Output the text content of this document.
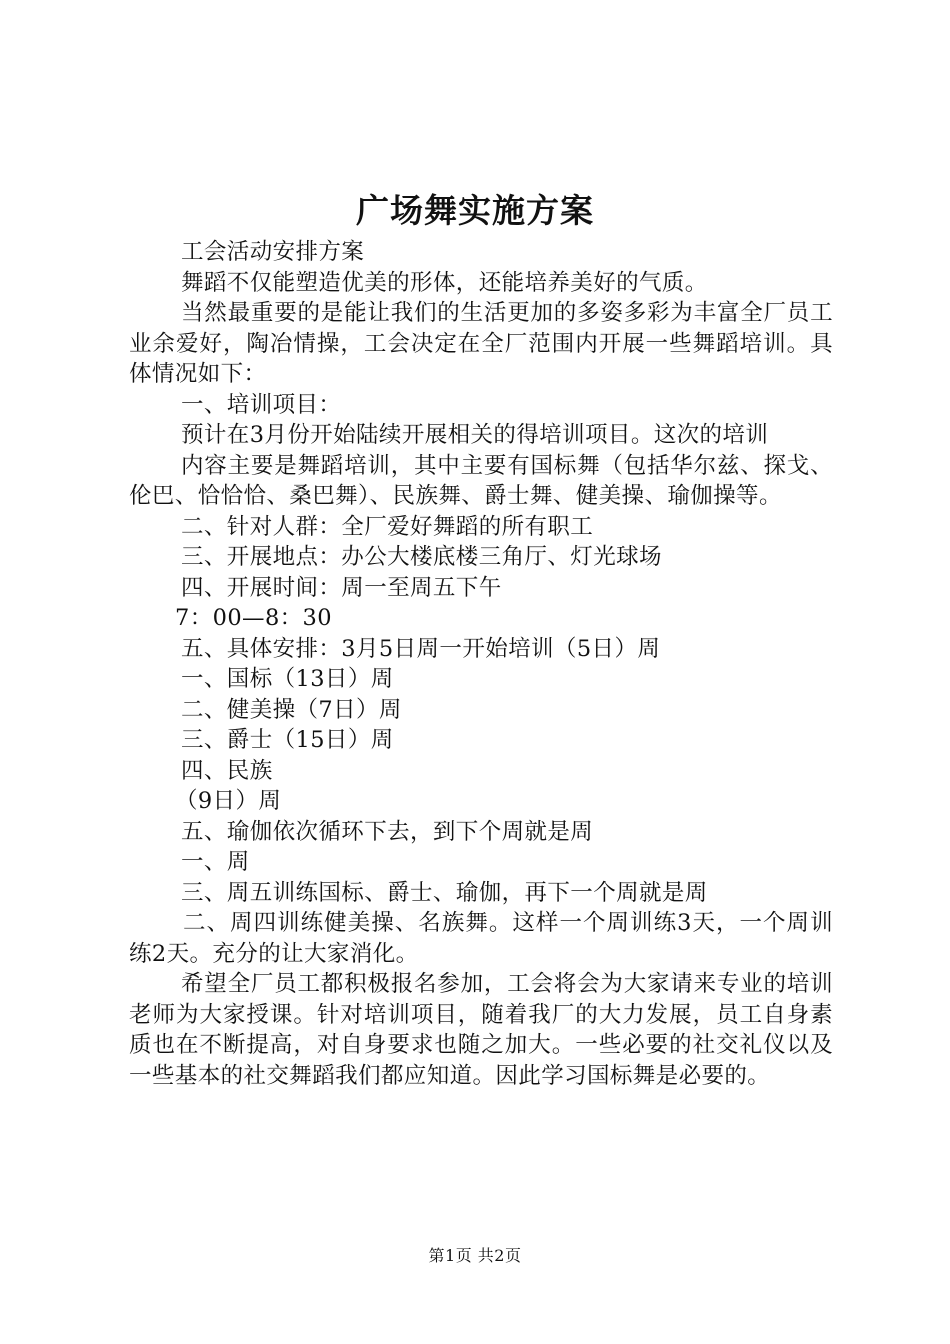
广场舞实施方案

工会活动安排方案

舞蹈不仅能塑造优美的形体，还能培养美好的气质。

当然最重要的是能让我们的生活更加的多姿多彩为丰富全厂员工业余爱好，陶冶情操，工会决定在全厂范围内开展一些舞蹈培训。具体情况如下：

一、培训项目：

预计在3月份开始陆续开展相关的得培训项目。这次的培训

内容主要是舞蹈培训，其中主要有国标舞（包括华尔兹、探戈、伦巴、恰恰恰、桑巴舞）、民族舞、爵士舞、健美操、瑜伽操等。

二、针对人群：全厂爱好舞蹈的所有职工

三、开展地点：办公大楼底楼三角厅、灯光球场

四、开展时间：周一至周五下午

7：00—8：30

五、具体安排：3月5日周一开始培训（5日）周

一、国标（13日）周

二、健美操（7日）周

三、爵士（15日）周

四、民族

（9日）周

五、瑜伽依次循环下去，到下个周就是周

一、周

三、周五训练国标、爵士、瑜伽，再下一个周就是周

二、周四训练健美操、名族舞。这样一个周训练3天，一个周训练2天。充分的让大家消化。

希望全厂员工都积极报名参加，工会将会为大家请来专业的培训老师为大家授课。针对培训项目，随着我厂的大力发展，员工自身素质也在不断提高，对自身要求也随之加大。一些必要的社交礼仪以及一些基本的社交舞蹈我们都应知道。因此学习国标舞是必要的。

第1页 共2页
